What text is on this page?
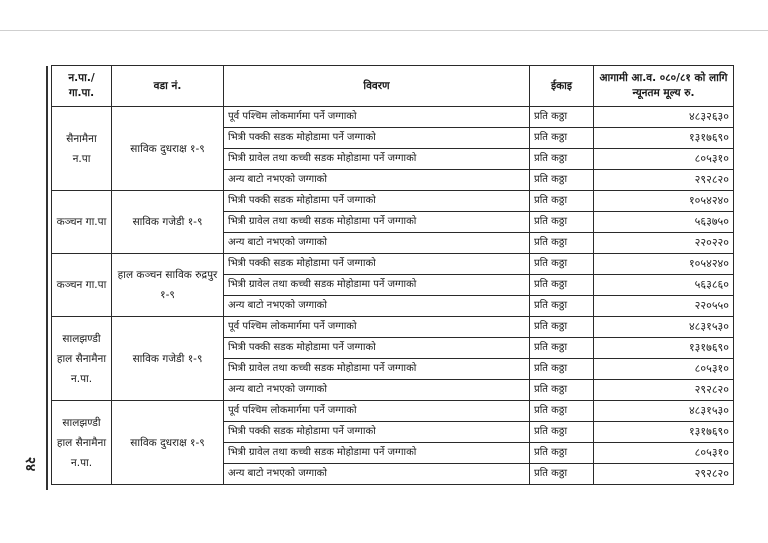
२४
न.पा./ गा.पा.	वडा नं.	विवरण	ईकाइ	आगामी आ.व. ०८०/८१ को लागि न्यूनतम मूल्य रु.
सैनामैना न.पा	साविक दुधराक्ष १-९	पूर्व पश्चिम लोकमार्गमा पर्ने जग्गाको	प्रति कठ्ठा	४८३२६३०
		भित्री पक्की सडक मोहोडामा पर्ने जग्गाको	प्रति कठ्ठा	१३१७६९०
		भित्री ग्रावेल तथा कच्ची सडक मोहोडामा पर्ने जग्गाको	प्रति कठ्ठा	८०५३१०
		अन्य बाटो नभएको जग्गाको	प्रति कठ्ठा	२९२८२०
कञ्चन गा.पा	साविक गजेडी १-९	भित्री पक्की सडक मोहोडामा पर्ने जग्गाको	प्रति कठ्ठा	१०५४२४०
		भित्री ग्रावेल तथा कच्ची सडक मोहोडामा पर्ने जग्गाको	प्रति कठ्ठा	५६३७५०
		अन्य बाटो नभएको जग्गाको	प्रति कठ्ठा	२२०२२०
कञ्चन गा.पा	हाल कञ्चन साविक रुद्रपुर १-९	भित्री पक्की सडक मोहोडामा पर्ने जग्गाको	प्रति कठ्ठा	१०५४२४०
		भित्री ग्रावेल तथा कच्ची सडक मोहोडामा पर्ने जग्गाको	प्रति कठ्ठा	५६३८६०
		अन्य बाटो नभएको जग्गाको	प्रति कठ्ठा	२२०५५०
सालझण्डी हाल सैनामैना न.पा.	साविक गजेडी १-९	पूर्व पश्चिम लोकमार्गमा पर्ने जग्गाको	प्रति कठ्ठा	४८३१५३०
		भित्री पक्की सडक मोहोडामा पर्ने जग्गाको	प्रति कठ्ठा	१३१७६९०
		भित्री ग्रावेल तथा कच्ची सडक मोहोडामा पर्ने जग्गाको	प्रति कठ्ठा	८०५३१०
		अन्य बाटो नभएको जग्गाको	प्रति कठ्ठा	२९२८२०
सालझण्डी हाल सैनामैना न.पा.	साविक दुधराक्ष १-९	पूर्व पश्चिम लोकमार्गमा पर्ने जग्गाको	प्रति कठ्ठा	४८३१५३०
		भित्री पक्की सडक मोहोडामा पर्ने जग्गाको	प्रति कठ्ठा	१३१७६९०
		भित्री ग्रावेल तथा कच्ची सडक मोहोडामा पर्ने जग्गाको	प्रति कठ्ठा	८०५३१०
		अन्य बाटो नभएको जग्गाको	प्रति कठ्ठा	२९२८२०
